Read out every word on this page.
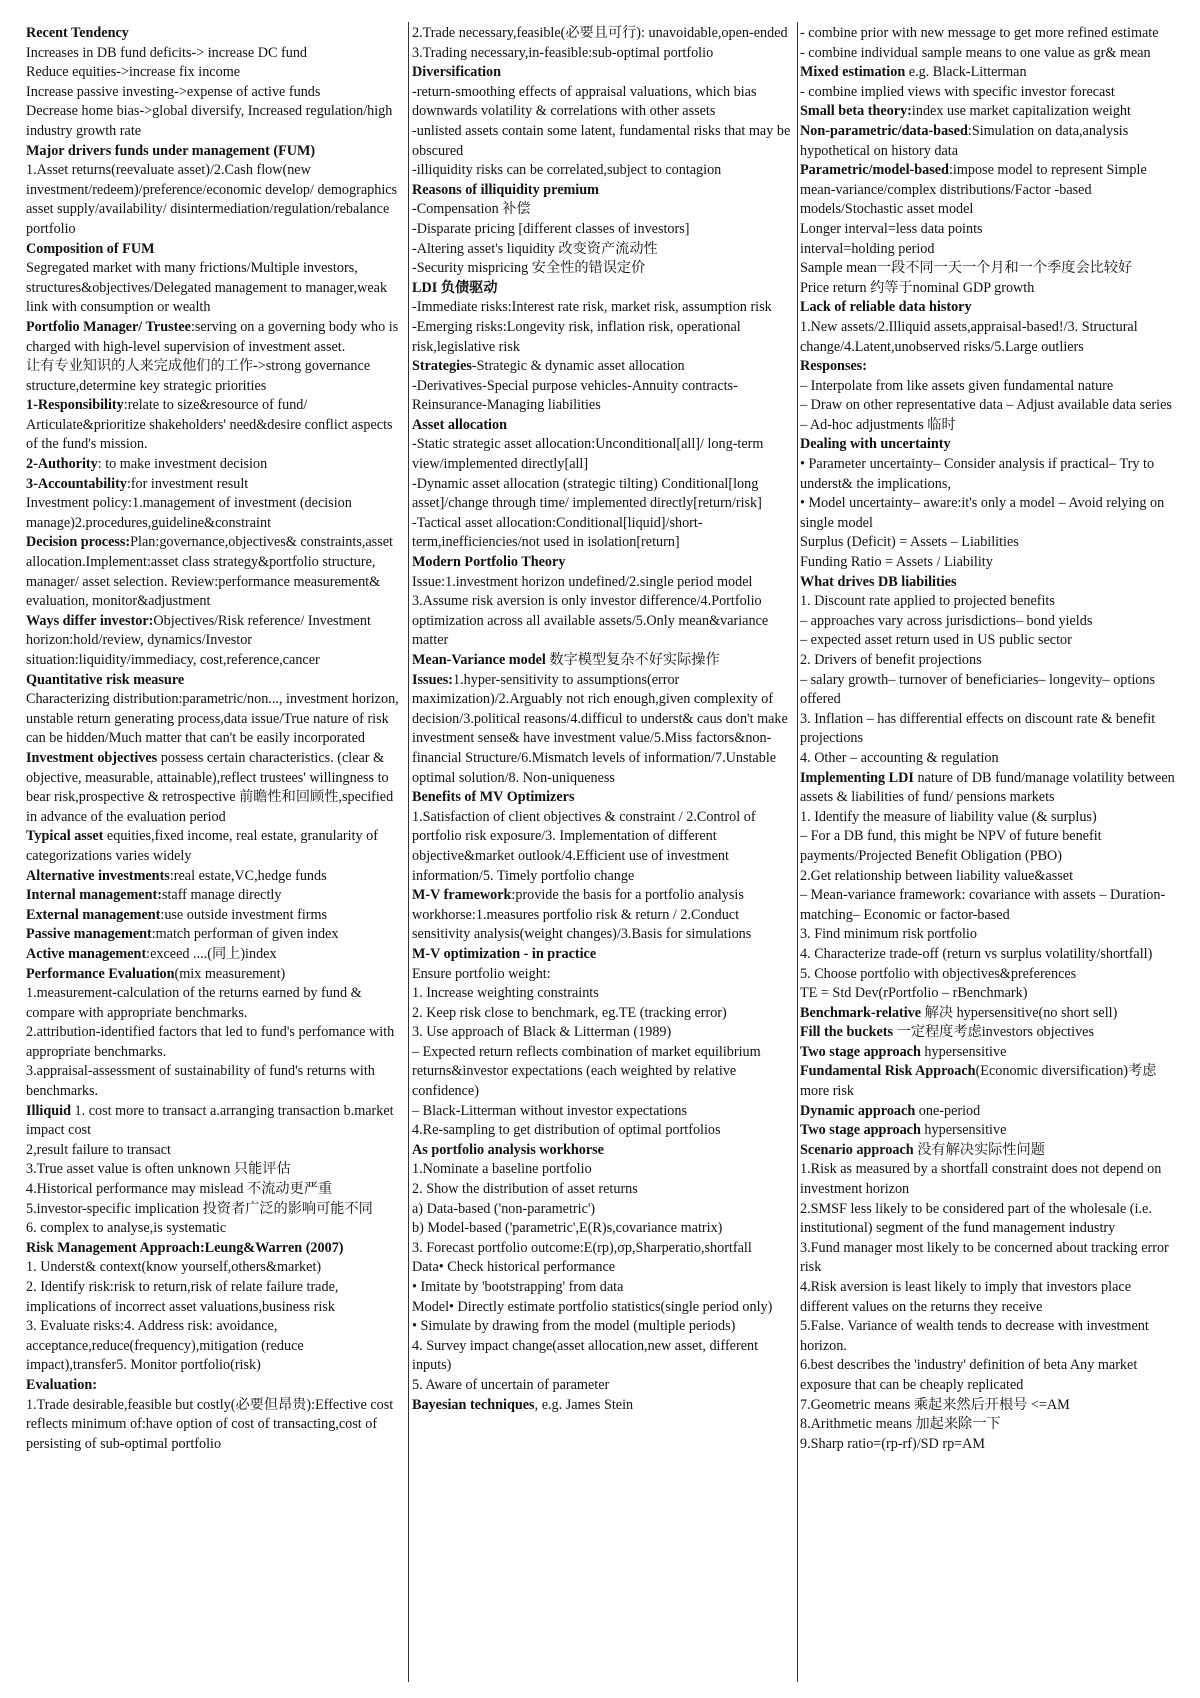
Recent Tendency
Increases in DB fund deficits-> increase DC fund
Reduce equities->increase fix income
Increase passive investing->expense of active funds
Decrease home bias->global diversify, Increased regulation/high industry growth rate
Major drivers funds under management (FUM)
1.Asset returns(reevaluate asset)/2.Cash flow(new investment/redeem)/preference/economic develop/ demographics asset supply/availability/ disintermediation/regulation/rebalance portfolio
Composition of FUM
Segregated market with many frictions/Multiple investors, structures&objectives/Delegated management to manager,weak link with consumption or wealth
Portfolio Manager/ Trustee:serving on a governing body who is charged with high-level supervision of investment asset.
让有专业知识的人来完成他们的工作->strong governance structure,determine key strategic priorities
1-Responsibility:relate to size&resource of fund/ Articulate&prioritize shakeholders' need&desire conflict aspects of the fund's mission.
2-Authority: to make investment decision
3-Accountability:for investment result
Investment policy:1.management of investment (decision manage)2.procedures,guideline&constraint
Decision process:Plan:governance,objectives& constraints,asset allocation.Implement:asset class strategy&portfolio structure, manager/ asset selection. Review:performance measurement& evaluation, monitor&adjustment
Ways differ investor:Objectives/Risk reference/ Investment horizon:hold/review, dynamics/Investor situation:liquidity/immediacy, cost,reference,cancer
Quantitative risk measure
Characterizing distribution:parametric/non..., investment horizon, unstable return generating process,data issue/True nature of risk can be hidden/Much matter that can't be easily incorporated
Investment objectives possess certain characteristics. (clear & objective, measurable, attainable),reflect trustees' willingness to bear risk,prospective & retrospective 前瞻性和回顾性,specified in advance of the evaluation period
Typical asset equities,fixed income, real estate, granularity of categorizations varies widely
Alternative investments:real estate,VC,hedge funds
Internal management:staff manage directly
External management:use outside investment firms
Passive management:match performan of given index
Active management:exceed ....(同上)index
Performance Evaluation(mix measurement)
1.measurement-calculation of the returns earned by fund & compare with appropriate benchmarks.
2.attribution-identified factors that led to fund's perfomance with appropriate benchmarks.
3.appraisal-assessment of sustainability of fund's returns with benchmarks.
Illiquid 1. cost more to transact a.arranging transaction b.market impact cost
2,result failure to transact
3.True asset value is often unknown 只能评估
4.Historical performance may mislead 不流动更严重
5.investor-specific implication 投资者广泛的影响可能不同
6. complex to analyse,is systematic
Risk Management Approach:Leung&Warren (2007)
1. Underst& context(know yourself,others&market)
2. Identify risk:risk to return,risk of relate failure trade, implications of incorrect asset valuations,business risk
3. Evaluate risks:4. Address risk: avoidance, acceptance,reduce(frequency),mitigation (reduce impact),transfer5. Monitor portfolio(risk)
Evaluation:
1.Trade desirable,feasible but costly(必要但昂贵):Effective cost reflects minimum of:have option of cost of transacting,cost of persisting of sub-optimal portfolio
2.Trade necessary,feasible(必要且可行): unavoidable,open-ended
3.Trading necessary,in-feasible:sub-optimal portfolio
Diversification
-return-smoothing effects of appraisal valuations, which bias downwards volatility & correlations with other assets
-unlisted assets contain some latent, fundamental risks that may be obscured
-illiquidity risks can be correlated,subject to contagion
Reasons of illiquidity premium
-Compensation 补偿
-Disparate pricing [different classes of investors]
-Altering asset's liquidity 改变资产流动性
-Security mispricing 安全性的错误定价
LDI 负债驱动
-Immediate risks:Interest rate risk, market risk, assumption risk
-Emerging risks:Longevity risk, inflation risk, operational risk,legislative risk
Strategies-Strategic & dynamic asset allocation
-Derivatives-Special purpose vehicles-Annuity contracts-Reinsurance-Managing liabilities
Asset allocation
-Static strategic asset allocation:Unconditional[all]/ long-term view/implemented directly[all]
-Dynamic asset allocation (strategic tilting) Conditional[long asset]/change through time/ implemented directly[return/risk]
-Tactical asset allocation:Conditional[liquid]/short-term,inefficiencies/not used in isolation[return]
Modern Portfolio Theory
Issue:1.investment horizon undefined/2.single period model 3.Assume risk aversion is only investor difference/4.Portfolio optimization across all available assets/5.Only mean&variance matter
Mean-Variance model 数字模型复杂不好实际操作
Issues:1.hyper-sensitivity to assumptions(error maximization)/2.Arguably not rich enough,given complexity of decision/3.political reasons/4.difficul to underst& caus don't make investment sense& have investment value/5.Miss factors&non- financial Structure/6.Mismatch levels of information/7.Unstable optimal solution/8. Non-uniqueness
Benefits of MV Optimizers
1.Satisfaction of client objectives & constraint / 2.Control of portfolio risk exposure/3. Implementation of different objective&market outlook/4.Efficient use of investment information/5. Timely portfolio change
M-V framework:provide the basis for a portfolio analysis workhorse:1.measures portfolio risk & return / 2.Conduct sensitivity analysis(weight changes)/3.Basis for simulations
M-V optimization - in practice
Ensure portfolio weight:
1. Increase weighting constraints
2. Keep risk close to benchmark, eg.TE (tracking error)
3. Use approach of Black & Litterman (1989)
– Expected return reflects combination of market equilibrium returns&investor expectations (each weighted by relative confidence)
– Black-Litterman without investor expectations
4.Re-sampling to get distribution of optimal portfolios
As portfolio analysis workhorse
1.Nominate a baseline portfolio
2. Show the distribution of asset returns
a) Data-based ('non-parametric')
b) Model-based ('parametric',E(R)s,covariance matrix)
3. Forecast portfolio outcome:E(rp),σp,Sharperatio,shortfall
Data• Check historical performance
• Imitate by 'bootstrapping' from data
Model• Directly estimate portfolio statistics(single period only)
• Simulate by drawing from the model (multiple periods)
4. Survey impact change(asset allocation,new asset, different inputs)
5. Aware of uncertain of parameter
Bayesian techniques, e.g. James Stein
- combine prior with new message to get more refined estimate
- combine individual sample means to one value as gr& mean
Mixed estimation e.g. Black-Litterman
- combine implied views with specific investor forecast
Small beta theory:index use market capitalization weight
Non-parametric/data-based:Simulation on data,analysis hypothetical on history data
Parametric/model-based:impose model to represent Simple mean-variance/complex distributions/Factor -based models/Stochastic asset model
Longer interval=less data points
interval=holding period
Sample mean一段不同一天一个月和一个季度会比较好
Price return 约等于nominal GDP growth
Lack of reliable data history
1.New assets/2.Illiquid assets,appraisal-based!/3. Structural change/4.Latent,unobserved risks/5.Large outliers
Responses:
– Interpolate from like assets given fundamental nature
– Draw on other representative data – Adjust available data series – Ad-hoc adjustments 临时
Dealing with uncertainty
• Parameter uncertainty– Consider analysis if practical– Try to underst& the implications,
• Model uncertainty– aware:it's only a model – Avoid relying on single model
Surplus (Deficit) = Assets – Liabilities
Funding Ratio = Assets / Liability
What drives DB liabilities
1. Discount rate applied to projected benefits
– approaches vary across jurisdictions– bond yields
– expected asset return used in US public sector
2. Drivers of benefit projections
– salary growth– turnover of beneficiaries– longevity– options offered
3. Inflation – has differential effects on discount rate & benefit projections
4. Other – accounting & regulation
Implementing LDI nature of DB fund/manage volatility between assets & liabilities of fund/ pensions markets
1. Identify the measure of liability value (& surplus)
– For a DB fund, this might be NPV of future benefit payments/Projected Benefit Obligation (PBO)
2.Get relationship between liability value&asset
– Mean-variance framework: covariance with assets – Duration-matching– Economic or factor-based
3. Find minimum risk portfolio
4. Characterize trade-off (return vs surplus volatility/shortfall)
5. Choose portfolio with objectives&preferences
TE = Std Dev(rPortfolio – rBenchmark)
Benchmark-relative 解决 hypersensitive(no short sell)
Fill the buckets 一定程度考虑investors objectives
Two stage approach hypersensitive
Fundamental Risk Approach(Economic diversification)考虑more risk
Dynamic approach one-period
Two stage approach hypersensitive
Scenario approach 没有解决实际性问题
1.Risk as measured by a shortfall constraint does not depend on investment horizon
2.SMSF less likely to be considered part of the wholesale (i.e. institutional) segment of the fund management industry
3.Fund manager most likely to be concerned about tracking error risk
4.Risk aversion is least likely to imply that investors place different values on the returns they receive
5.False. Variance of wealth tends to decrease with investment horizon.
6.best describes the 'industry' definition of beta Any market exposure that can be cheaply replicated
7.Geometric means 乘起来然后开根号 <=AM
8.Arithmetic means 加起来除一下
9.Sharp ratio=(rp-rf)/SD rp=AM
